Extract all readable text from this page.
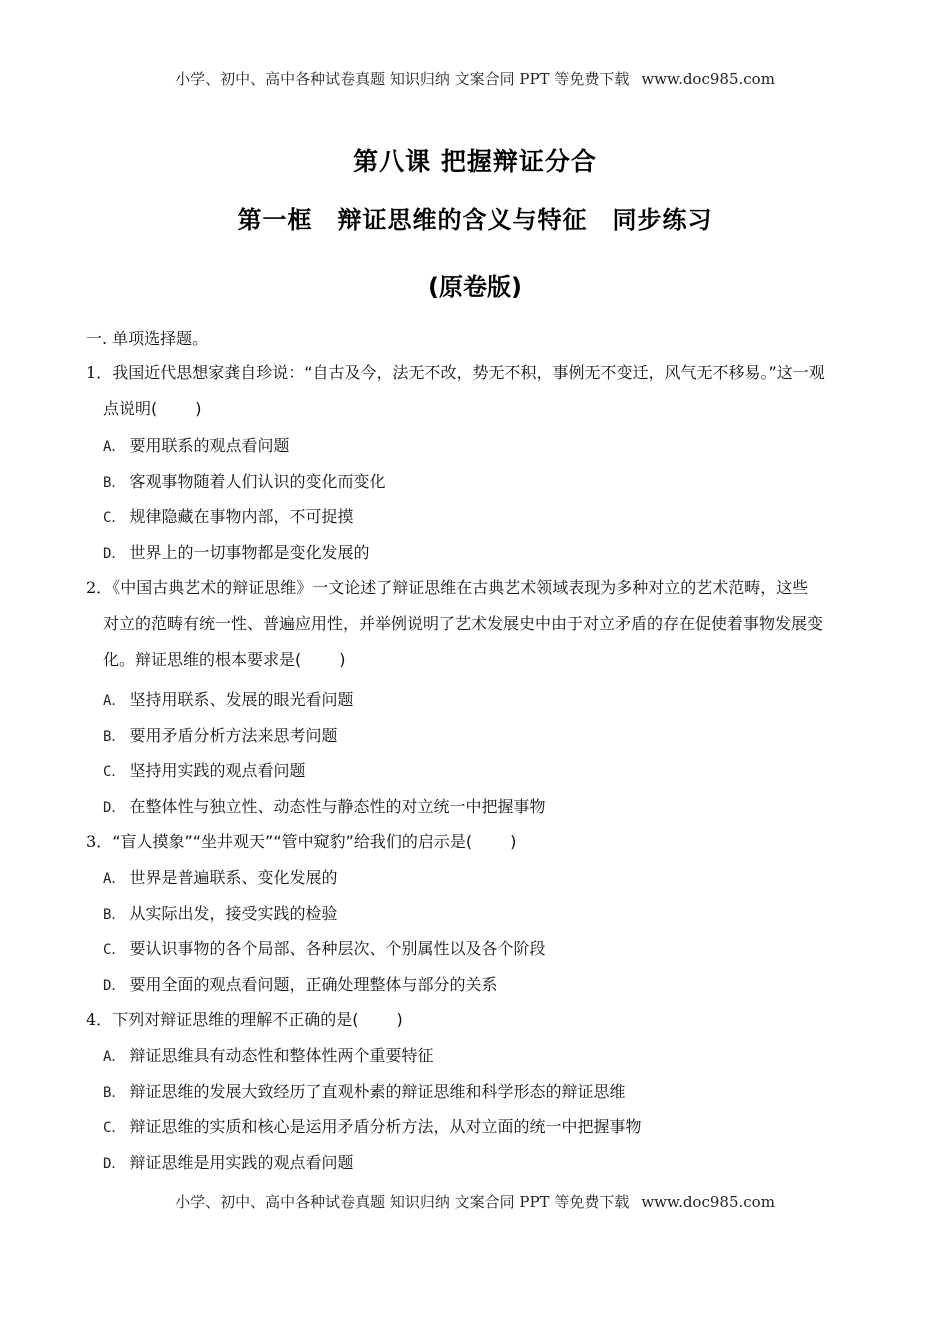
小学、初中、高中各种试卷真题 知识归纳 文案合同 PPT 等免费下载 www.doc985.com
第八课 把握辩证分合
第一框　辩证思维的含义与特征　同步练习
(原卷版)
一. 单项选择题。
1．我国近代思想家龚自珍说：“自古及今，法无不改，势无不积，事例无不变迁，风气无不移易。”这一观
点说明( )
A． 要用联系的观点看问题
B． 客观事物随着人们认识的变化而变化
C． 规律隐藏在事物内部，不可捉摸
D． 世界上的一切事物都是变化发展的
2．《中国古典艺术的辩证思维》一文论述了辩证思维在古典艺术领域表现为多种对立的艺术范畴，这些
对立的范畴有统一性、普遍应用性，并举例说明了艺术发展史中由于对立矛盾的存在促使着事物发展变
化。辩证思维的根本要求是( )
A． 坚持用联系、发展的眼光看问题
B． 要用矛盾分析方法来思考问题
C． 坚持用实践的观点看问题
D． 在整体性与独立性、动态性与静态性的对立统一中把握事物
3．“盲人摸象”“坐井观天”“管中窥豹”给我们的启示是( )
A． 世界是普遍联系、变化发展的
B． 从实际出发，接受实践的检验
C． 要认识事物的各个局部、各种层次、个别属性以及各个阶段
D． 要用全面的观点看问题，正确处理整体与部分的关系
4．下列对辩证思维的理解不正确的是( )
A． 辩证思维具有动态性和整体性两个重要特征
B． 辩证思维的发展大致经历了直观朴素的辩证思维和科学形态的辩证思维
C． 辩证思维的实质和核心是运用矛盾分析方法，从对立面的统一中把握事物
D． 辩证思维是用实践的观点看问题
小学、初中、高中各种试卷真题 知识归纳 文案合同 PPT 等免费下载 www.doc985.com
